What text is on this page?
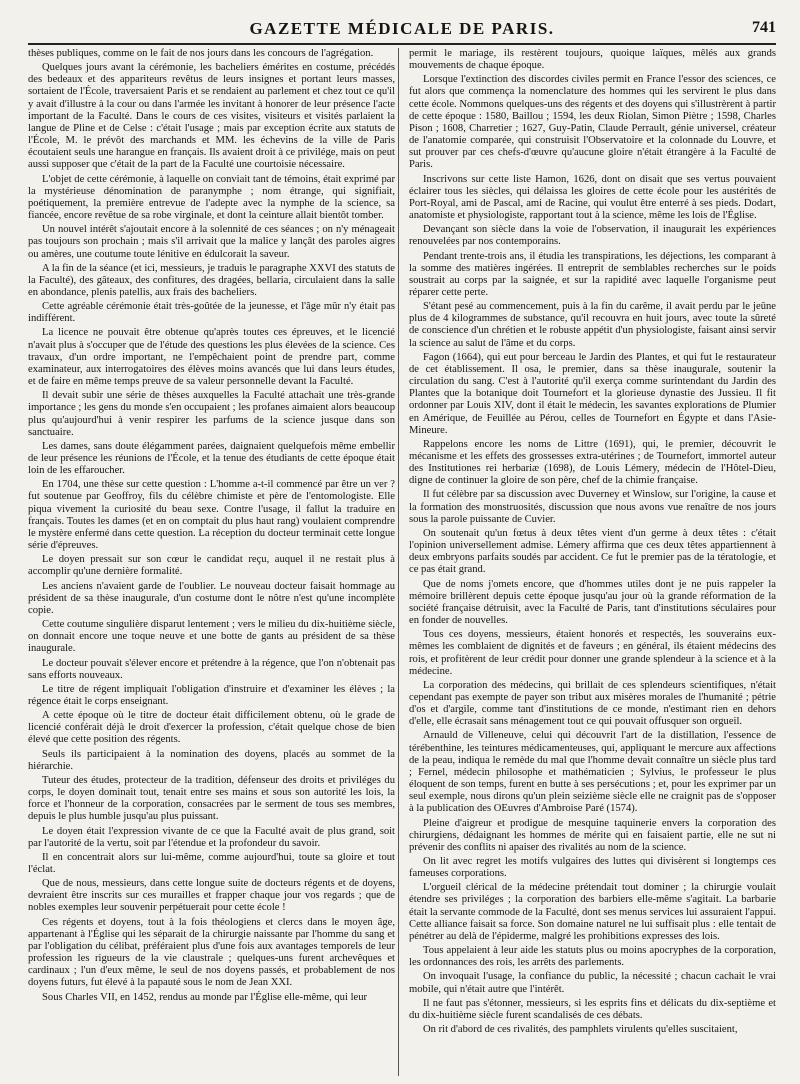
GAZETTE MÉDICALE DE PARIS.	741

thèses publiques, comme on le fait de nos jours dans les concours de l'agrégation.

Quelques jours avant la cérémonie, les bacheliers émérites en costume, précédés des bedeaux et des appariteurs revêtus de leurs insignes et portant leurs masses, sortaient de l'École, traversaient Paris et se rendaient au parlement et chez tout ce qu'il y avait d'illustre à la cour ou dans l'armée les invitant à honorer de leur présence l'acte important de la Faculté. Dans le cours de ces visites, visiteurs et visités parlaient la langue de Pline et de Celse : c'était l'usage ; mais par exception écrite aux statuts de l'École, M. le prévôt des marchands et MM. les échevins de la ville de Paris écoutaient seuls une harangue en français. Ils avaient droit à ce privilége, mais on peut aussi supposer que c'était de la part de la Faculté une courtoisie nécessaire.

L'objet de cette cérémonie, à laquelle on conviait tant de témoins, était exprimé par la mystérieuse dénomination de paranymphe ; nom étrange, qui signifiait, poétiquement, la première entrevue de l'adepte avec la nymphe de la science, sa fiancée, encore revêtue de sa robe virginale, et dont la ceinture allait bientôt tomber.

Un nouvel intérêt s'ajoutait encore à la solennité de ces séances ; on n'y ménageait pas toujours son prochain ; mais s'il arrivait que la malice y lançât des paroles aigres ou amères, une coutume toute lénitive en édulcorait la saveur.

A la fin de la séance (et ici, messieurs, je traduis le paragraphe XXVI des statuts de la Faculté), des gâteaux, des confitures, des dragées, bellaria, circulaient dans la salle en abondance, plenis patellis, aux frais des bacheliers.

Cette agréable cérémonie était très-goûtée de la jeunesse, et l'âge mûr n'y était pas indifférent.

La licence ne pouvait être obtenue qu'après toutes ces épreuves, et le licencié n'avait plus à s'occuper que de l'étude des questions les plus élevées de la science. Ces travaux, d'un ordre important, ne l'empêchaient point de prendre part, comme examinateur, aux interrogatoires des élèves moins avancés que lui dans leurs études, et de faire en même temps preuve de sa valeur personnelle devant la Faculté.

Il devait subir une série de thèses auxquelles la Faculté attachait une très-grande importance ; les gens du monde s'en occupaient ; les profanes aimaient alors beaucoup plus qu'aujourd'hui à venir respirer les parfums de la science jusque dans son sanctuaire.

Les dames, sans doute élégamment parées, daignaient quelquefois même embellir de leur présence les réunions de l'École, et la tenue des étudiants de cette époque était loin de les effaroucher.

En 1704, une thèse sur cette question : L'homme a-t-il commencé par être un ver ? fut soutenue par Geoffroy, fils du célèbre chimiste et père de l'entomologiste. Elle piqua vivement la curiosité du beau sexe. Contre l'usage, il fallut la traduire en français. Toutes les dames (et en on comptait du plus haut rang) voulaient comprendre le mystère enfermé dans cette question. La réception du docteur terminait cette longue série d'épreuves.

Le doyen pressait sur son cœur le candidat reçu, auquel il ne restait plus à accomplir qu'une dernière formalité.

Les anciens n'avaient garde de l'oublier. Le nouveau docteur faisait hommage au président de sa thèse inaugurale, d'un costume dont le nôtre n'est qu'une incomplète copie.

Cette coutume singulière disparut lentement ; vers le milieu du dix-huitième siècle, on donnait encore une toque neuve et une botte de gants au président de sa thèse inaugurale.

Le docteur pouvait s'élever encore et prétendre à la régence, que l'on n'obtenait pas sans efforts nouveaux.

Le titre de régent impliquait l'obligation d'instruire et d'examiner les élèves ; la régence était le corps enseignant.

A cette époque où le titre de docteur était difficilement obtenu, où le grade de licencié conférait déjà le droit d'exercer la profession, c'était quelque chose de bien élevé que cette position des régents.

Seuls ils participaient à la nomination des doyens, placés au sommet de la hiérarchie.

Tuteur des études, protecteur de la tradition, défenseur des droits et priviléges du corps, le doyen dominait tout, tenait entre ses mains et sous son autorité les lois, la force et l'honneur de la corporation, consacrées par le serment de tous ses membres, depuis le plus humble jusqu'au plus puissant.

Le doyen était l'expression vivante de ce que la Faculté avait de plus grand, soit par l'autorité de la vertu, soit par l'étendue et la profondeur du savoir.

Il en concentrait alors sur lui-même, comme aujourd'hui, toute sa gloire et tout l'éclat.

Que de nous, messieurs, dans cette longue suite de docteurs régents et de doyens, devraient être inscrits sur ces murailles et frapper chaque jour vos regards ; que de nobles exemples leur souvenir perpétuerait pour cette école !

Ces régents et doyens, tout à la fois théologiens et clercs dans le moyen âge, appartenant à l'Église qui les séparait de la chirurgie naissante par l'homme du sang et par l'obligation du célibat, préféraient plus d'une fois aux avantages temporels de leur profession les rigueurs de la vie claustrale ; quelques-uns furent archevêques et cardinaux ; l'un d'eux même, le seul de nos doyens passés, et probablement de nos doyens futurs, fut élevé à la papauté sous le nom de Jean XXI.

Sous Charles VII, en 1452, rendus au monde par l'Église elle-même, qui leur

permit le mariage, ils restèrent toujours, quoique laïques, mêlés aux grands mouvements de chaque époque.

Lorsque l'extinction des discordes civiles permit en France l'essor des sciences, ce fut alors que commença la nomenclature des hommes qui les servirent le plus dans cette école. Nommons quelques-uns des régents et des doyens qui s'illustrèrent à partir de cette époque : 1580, Baillou ; 1594, les deux Riolan, Simon Piètre ; 1598, Charles Pison ; 1608, Charretier ; 1627, Guy-Patin, Claude Perrault, génie universel, créateur de l'anatomie comparée, qui construisit l'Observatoire et la colonnade du Louvre, et sut prouver par ces chefs-d'œuvre qu'aucune gloire n'était étrangère à la Faculté de Paris.

Inscrivons sur cette liste Hamon, 1626, dont on disait que ses vertus pouvaient éclairer tous les siècles, qui délaissa les gloires de cette école pour les austérités de Port-Royal, ami de Pascal, ami de Racine, qui voulut être enterré à ses pieds. Dodart, anatomiste et physiologiste, rapportant tout à la science, même les lois de l'Église.

Devançant son siècle dans la voie de l'observation, il inaugurait les expériences renouvelées par nos contemporains.

Pendant trente-trois ans, il étudia les transpirations, les déjections, les comparant à la somme des matières ingérées. Il entreprit de semblables recherches sur le poids soustrait au corps par la saignée, et sur la rapidité avec laquelle l'organisme peut réparer cette perte.

S'étant pesé au commencement, puis à la fin du carême, il avait perdu par le jeûne plus de 4 kilogrammes de substance, qu'il recouvra en huit jours, avec toute la sûreté de conscience d'un chrétien et le robuste appétit d'un physiologiste, faisant ainsi servir la science au salut de l'âme et du corps.

Fagon (1664), qui eut pour berceau le Jardin des Plantes, et qui fut le restaurateur de cet établissement. Il osa, le premier, dans sa thèse inaugurale, soutenir la circulation du sang. C'est à l'autorité qu'il exerça comme surintendant du Jardin des Plantes que la botanique doit Tournefort et la glorieuse dynastie des Jussieu. Il fit ordonner par Louis XIV, dont il était le médecin, les savantes explorations de Plumier en Amérique, de Feuillée au Pérou, celles de Tournefort en Égypte et dans l'Asie-Mineure.

Rappelons encore les noms de Littre (1691), qui, le premier, découvrit le mécanisme et les effets des grossesses extra-utérines ; de Tournefort, immortel auteur des Institutiones rei herbariæ (1698), de Louis Lémery, médecin de l'Hôtel-Dieu, digne de continuer la gloire de son père, chef de la chimie française.

Il fut célèbre par sa discussion avec Duverney et Winslow, sur l'origine, la cause et la formation des monstruosités, discussion que nous avons vue renaître de nos jours sous la parole puissante de Cuvier.

On soutenait qu'un fœtus à deux têtes vient d'un germe à deux têtes : c'était l'opinion universellement admise. Lémery affirma que ces deux têtes appartiennent à deux embryons parfaits soudés par accident. Ce fut le premier pas de la tératologie, et ce pas était grand.

Que de noms j'omets encore, que d'hommes utiles dont je ne puis rappeler la mémoire brillèrent depuis cette époque jusqu'au jour où la grande réformation de la société française détruisit, avec la Faculté de Paris, tant d'institutions séculaires pour en fonder de nouvelles.

Tous ces doyens, messieurs, étaient honorés et respectés, les souverains eux-mêmes les comblaient de dignités et de faveurs ; en général, ils étaient médecins des rois, et profitèrent de leur crédit pour donner une grande splendeur à la science et à la médecine.

La corporation des médecins, qui brillait de ces splendeurs scientifiques, n'était cependant pas exempte de payer son tribut aux misères morales de l'humanité ; pétrie d'os et d'argile, comme tant d'institutions de ce monde, n'estimant rien en dehors d'elle, elle écrasait sans ménagement tout ce qui pouvait offusquer son orgueil.

Arnauld de Villeneuve, celui qui découvrit l'art de la distillation, l'essence de térébenthine, les teintures médicamenteuses, qui, appliquant le mercure aux affections de la peau, indiqua le remède du mal que l'homme devait connaître un siècle plus tard ; Fernel, médecin philosophe et mathématicien ; Sylvius, le professeur le plus éloquent de son temps, furent en butte à ses persécutions ; et, pour les exprimer par un seul exemple, nous dirons qu'un plein seizième siècle elle ne craignit pas de s'opposer à la publication des OEuvres d'Ambroise Paré (1574).

Pleine d'aigreur et prodigue de mesquine taquinerie envers la corporation des chirurgiens, dédaignant les hommes de mérite qui en faisaient partie, elle ne sut ni prévenir des conflits ni apaiser des rivalités au nom de la science.

On lit avec regret les motifs vulgaires des luttes qui divisèrent si longtemps ces fameuses corporations.

L'orgueil clérical de la médecine prétendait tout dominer ; la chirurgie voulait étendre ses priviléges ; la corporation des barbiers elle-même s'agitait. La barbarie était la servante commode de la Faculté, dont ses menus services lui assuraient l'appui. Cette alliance faisait sa force. Son domaine naturel ne lui suffisait plus : elle tentait de pénétrer au delà de l'épiderme, malgré les prohibitions expresses des lois.

Tous appelaient à leur aide les statuts plus ou moins apocryphes de la corporation, les ordonnances des rois, les arrêts des parlements.

On invoquait l'usage, la confiance du public, la nécessité ; chacun cachait le vrai mobile, qui n'était autre que l'intérêt.

Il ne faut pas s'étonner, messieurs, si les esprits fins et délicats du dix-septième et du dix-huitième siècle furent scandalisés de ces débats.

On rit d'abord de ces rivalités, des pamphlets virulents qu'elles suscitaient,
